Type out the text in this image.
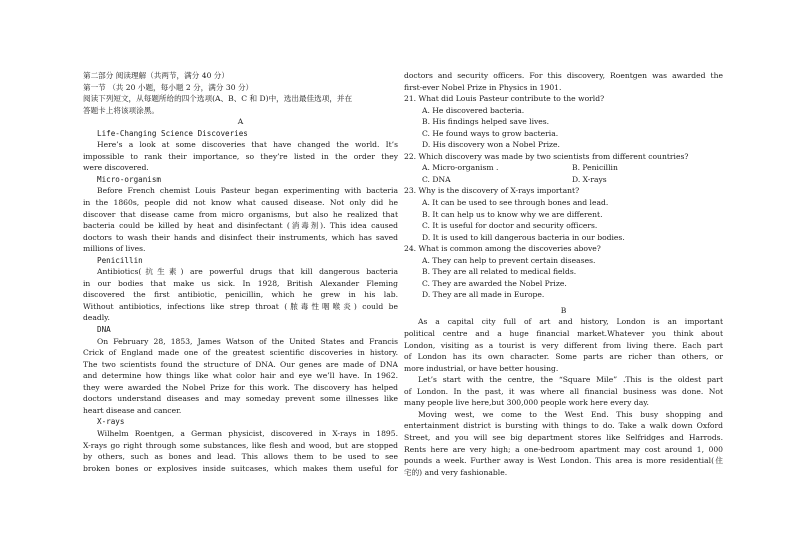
第二部分 阅读理解（共两节，满分 40 分）
第一节 （共 20 小题，每小题 2 分，满分 30 分）
阅读下列短文，从每题所给的四个选项(A、B、C 和 D)中，选出最佳选项，并在
答题卡上将该项涂黑。
A
Life-Changing Science Discoveries
Here’s a look at some discoveries that have changed the world. It’s
impossible to rank their importance, so they’re listed in the order they
were discovered.
Micro-organism
Before French chemist Louis Pasteur began experimenting with bacteria
in the 1860s, people did not know what caused disease. Not only did he
discover that disease came from micro organisms, but also he realized that
bacteria could be killed by heat and disinfectant (消毒剂). This idea caused
doctors to wash their hands and disinfect their instruments, which has saved
millions of lives.
Penicillin
Antibiotics(抗生素) are powerful drugs that kill dangerous bacteria
in our bodies that make us sick. In 1928, British Alexander Fleming
discovered the first antibiotic, penicillin, which he grew in his lab.
Without antibiotics, infections like strep throat (脓毒性咽喉炎) could be
deadly.
DNA
On February 28, 1853, James Watson of the United States and Francis
Crick of England made one of the greatest scientific discoveries in history.
The two scientists found the structure of DNA. Our genes are made of DNA
and determine how things like what color hair and eye we’ll have. In 1962.
they were awarded the Nobel Prize for this work. The discovery has helped
doctors understand diseases and may someday prevent some illnesses like
heart disease and cancer.
X-rays
Wilhelm Roentgen, a German physicist, discovered in X-rays in 1895.
X-rays go right through some substances, like flesh and wood, but are stopped
by others, such as bones and lead. This allows them to be used to see
broken bones or explosives inside suitcases, which makes them useful for
doctors and security officers. For this discovery, Roentgen was awarded the
first-ever Nobel Prize in Physics in 1901.
21. What did Louis Pasteur contribute to the world?
A. He discovered bacteria.
B. His findings helped save lives.
C. He found ways to grow bacteria.
D. His discovery won a Nobel Prize.
22. Which discovery was made by two scientists from different countries?
A. Micro-organism .	B. Penicillin
C. DNA	D. X-rays
23. Why is the discovery of X-rays important?
A. It can be used to see through bones and lead.
B. It can help us to know why we are different.
C. It is useful for doctor and security officers.
D. It is used to kill dangerous bacteria in our bodies.
24. What is common among the discoveries above?
A. They can help to prevent certain diseases.
B. They are all related to medical fields.
C. They are awarded the Nobel Prize.
D. They are all made in Europe.
B
As a capital city full of art and history, London is an important
political centre and a huge financial market.Whatever you think about
London, visiting as a tourist is very different from living there. Each part
of London has its own character. Some parts are richer than others, or
more industrial, or have better housing.
Let’s start with the centre, the “Square Mile” .This is the oldest part
of London. In the past, it was where all financial business was done. Not
many people live here,but 300,000 people work here every day.
Moving west, we come to the West End. This busy shopping and
entertainment district is bursting with things to do. Take a walk down Oxford
Street, and you will see big department stores like Selfridges and Harrods.
Rents here are very high; a one-bedroom apartment may cost around 1, 000
pounds a week. Further away is West London. This area is more residential(住
宅的) and very fashionable.
